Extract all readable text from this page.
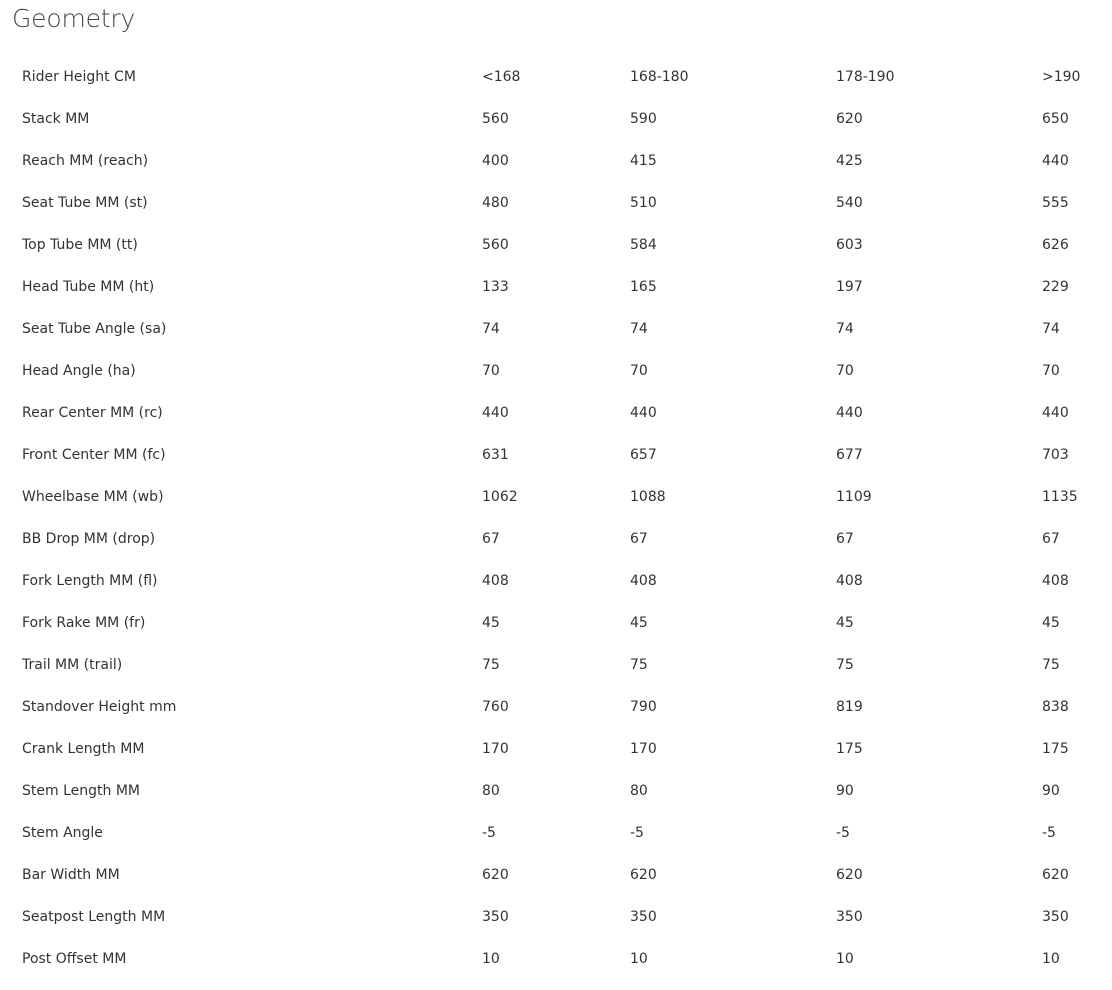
Geometry
Rider Height CM	<168	168-180	178-190	>190
Stack MM	560	590	620	650
Reach MM (reach)	400	415	425	440
Seat Tube MM (st)	480	510	540	555
Top Tube MM (tt)	560	584	603	626
Head Tube MM (ht)	133	165	197	229
Seat Tube Angle (sa)	74	74	74	74
Head Angle (ha)	70	70	70	70
Rear Center MM (rc)	440	440	440	440
Front Center MM (fc)	631	657	677	703
Wheelbase MM (wb)	1062	1088	1109	1135
BB Drop MM (drop)	67	67	67	67
Fork Length MM (fl)	408	408	408	408
Fork Rake MM (fr)	45	45	45	45
Trail MM (trail)	75	75	75	75
Standover Height mm	760	790	819	838
Crank Length MM	170	170	175	175
Stem Length MM	80	80	90	90
Stem Angle	-5	-5	-5	-5
Bar Width MM	620	620	620	620
Seatpost Length MM	350	350	350	350
Post Offset MM	10	10	10	10
